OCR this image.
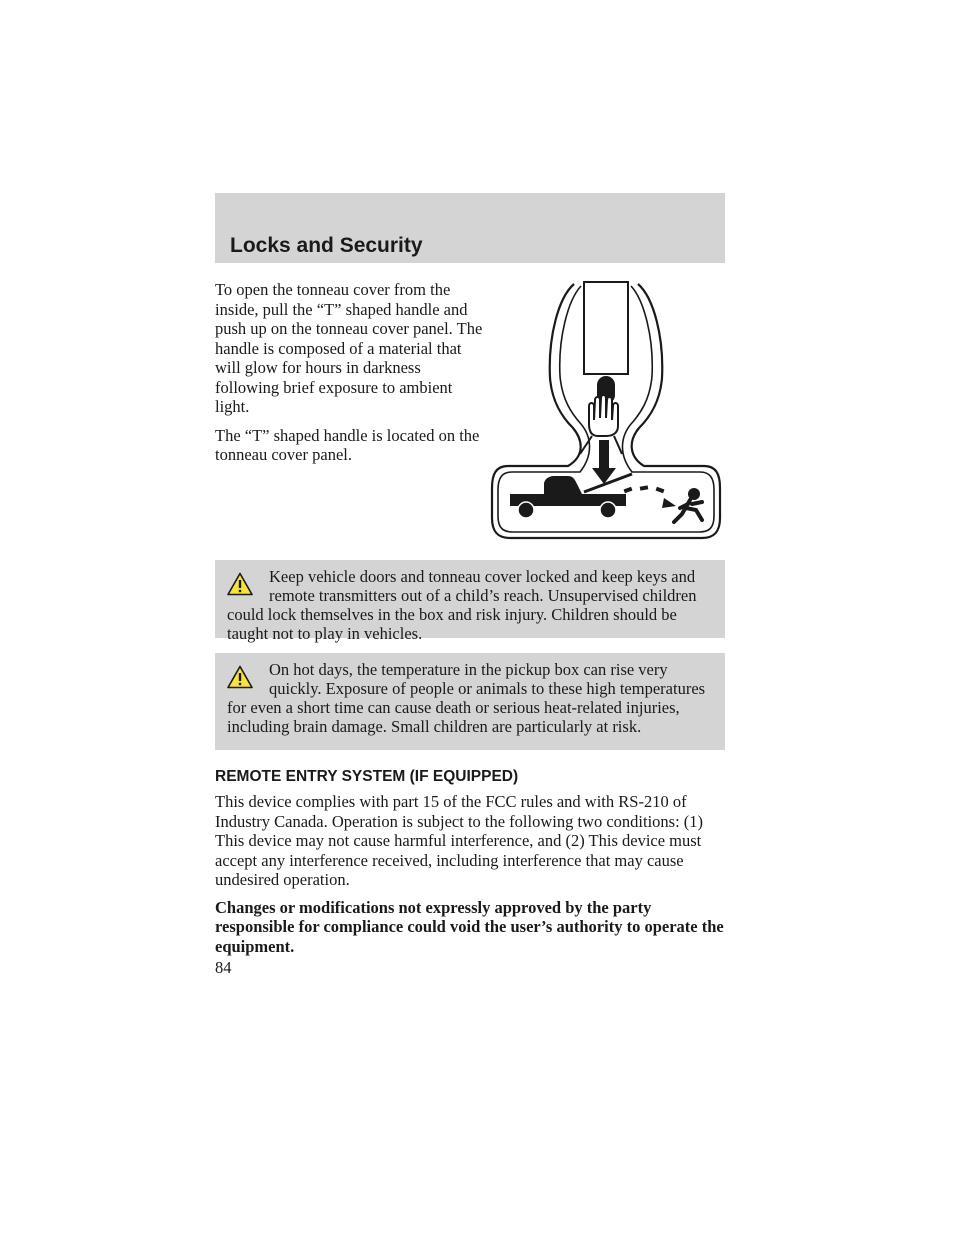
Locks and Security

To open the tonneau cover from the inside, pull the “T” shaped handle and push up on the tonneau cover panel. The handle is composed of a material that will glow for hours in darkness following brief exposure to ambient light.

The “T” shaped handle is located on the tonneau cover panel.

Keep vehicle doors and tonneau cover locked and keep keys and remote transmitters out of a child’s reach. Unsupervised children could lock themselves in the box and risk injury. Children should be taught not to play in vehicles.
On hot days, the temperature in the pickup box can rise very quickly. Exposure of people or animals to these high temperatures for even a short time can cause death or serious heat-related injuries, including brain damage. Small children are particularly at risk.
REMOTE ENTRY SYSTEM (IF EQUIPPED)

This device complies with part 15 of the FCC rules and with RS-210 of Industry Canada. Operation is subject to the following two conditions: (1) This device may not cause harmful interference, and (2) This device must accept any interference received, including interference that may cause undesired operation.

Changes or modifications not expressly approved by the party responsible for compliance could void the user’s authority to operate the equipment.

84
